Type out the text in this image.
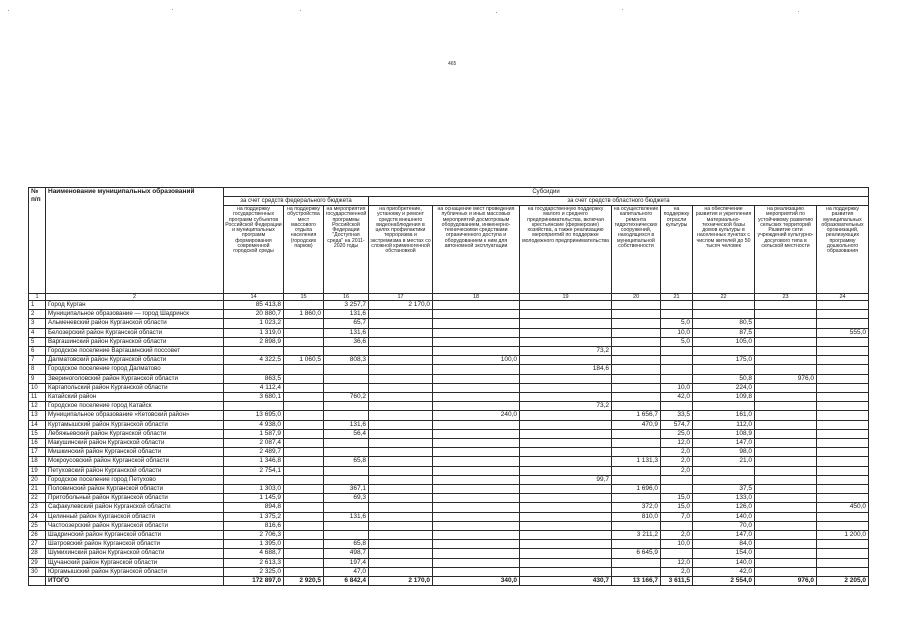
465
№ п/п	Наименование муниципальных образований	Субсидии										
		за счет средств федерального бюджета			за счет средств областного бюджета							
		на поддержку государственных программ субъектов Российской Федерации и муниципальных программ формирования современной городской среды	на поддержку обустройства мест массового отдыха населения (городских парков)	на мероприятия государственной программы Российской Федерации "Доступная среда" на 2011-2020 годы	на приобретение, установку и ремонт средств внешнего видеонаблюдения в целях профилактики терроризма и экстремизма в местах со сложной криминогенной обстановкой	на оснащение мест проведения публичных и иных массовых мероприятий досмотровым оборудованием, инженерно-техническими средствами ограниченного доступа и оборудованием к ним для автономной эксплуатации	на государственную поддержку малого и среднего предпринимательства, включая крестьянские (фермерские) хозяйства, а также реализацию мероприятий по поддержке молодежного предпринимательства	на осуществление капитального ремонта гидротехнических сооружений, находящихся в муниципальной собственности	на поддержку отрасли культуры	на обеспечение развития и укрепления материально-технической базы домов культуры в населенных пунктах с числом жителей до 50 тысяч человек	на реализацию мероприятий по устойчивому развитию сельских территорий Развитие сети учреждений культурно-досугового типа в сельской местности	на поддержку развития муниципальных образовательных организаций, реализующих программу дошкольного образования
1	2	14	15	16	17	18	19	20	21	22	23	24
1	Город Курган	85 413,8		3 257,7	2 170,0							
2	Муниципальное образование — город Шадринск	20 880,7	1 860,0	131,6								
3	Альменевский район Курганской области	1 023,2		65,7					5,0	80,5		
4	Белозерский район Курганской области	1 319,0		131,6					10,0	87,5		555,0
5	Варгашинский район Курганской области	2 898,9		36,6					5,0	105,0		
6	Городское поселение Варгашинский поссовет						73,2					
7	Далматовский район Курганской области	4 322,5	1 060,5	808,3		100,0				175,0		
8	Городское поселение город Далматово						184,6					
9	Звериноголовский район Курганской области	863,5								50,8	976,0	
10	Каргапольский район Курганской области	4 112,4							10,0	224,0		
11	Катайский район	3 680,1		760,2					42,0	109,8		
12	Городское поселение город Катайск						73,2					
13	Муниципальное образование «Кетовский район»	13 695,0				240,0		1 656,7	33,5	161,0		
14	Куртамышский район Курганской области	4 938,0		131,6				470,9	574,7	112,0		
15	Лебяжьевский район Курганской области	1 587,9		56,4					25,0	108,9		
16	Макушинский район Курганской области	2 087,4							12,0	147,0		
17	Мишкинский район Курганской области	2 489,7							2,0	98,0		
18	Мокроусовский район Курганской области	1 346,8		65,8				1 131,3	2,0	21,0		
19	Петуховский район Курганской области	2 754,1							2,0			
20	Городское поселение город Петухово						99,7					
21	Половинский район Курганской области	1 303,0		367,1				1 696,0		37,5		
22	Притобольный район Курганской области	1 145,9		69,3					15,0	133,0		
23	Сафакулевский район Курганской области	894,8						372,0	15,0	126,0		450,0
24	Целинный район Курганской области	1 375,2		131,6				810,0	7,0	140,0		
25	Частоозерский район Курганской области	816,6								70,0		
26	Шадринский район Курганской области	2 706,3						3 211,2	2,0	147,0		1 200,0
27	Шатровский район Курганской области	1 395,0		65,8					10,0	84,0		
28	Шумихинский район Курганской области	4 688,7		498,7				6 645,9		154,0		
29	Щучанский район Курганской области	2 613,3		197,4					12,0	140,0		
30	Юргамышский район Курганской области	2 325,0		47,0					2,0	42,0		
	ИТОГО	172 897,0	2 920,5	6 842,4	2 170,0	340,0	430,7	13 166,7	3 611,5	2 554,0	976,0	2 205,0
